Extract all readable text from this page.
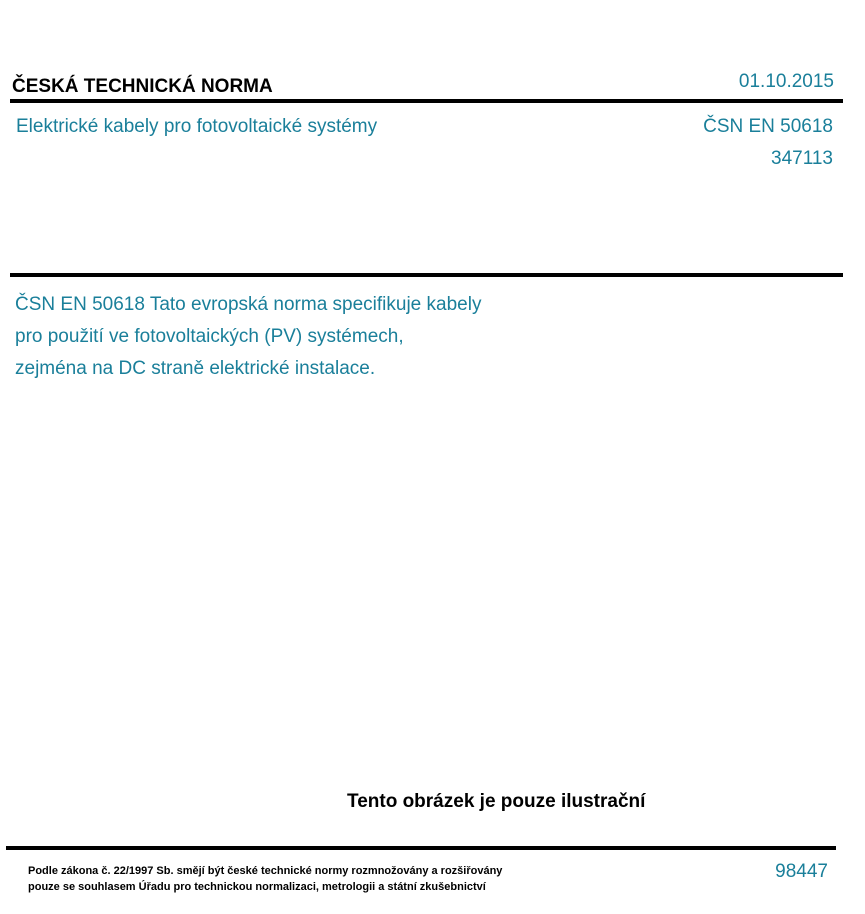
ČESKÁ TECHNICKÁ NORMA	01.10.2015
Elektrické kabely pro fotovoltaické systémy	ČSN EN 50618
347113
ČSN EN 50618 Tato evropská norma specifikuje kabely
pro použití ve fotovoltaických (PV) systémech,
zejména na DC straně elektrické instalace.
Tento obrázek je pouze ilustrační
Podle zákona č. 22/1997 Sb. smějí být české technické normy rozmnožovány a rozšiřovány
pouze se souhlasem Úřadu pro technickou normalizaci, metrologii a státní zkušebnictví
98447
